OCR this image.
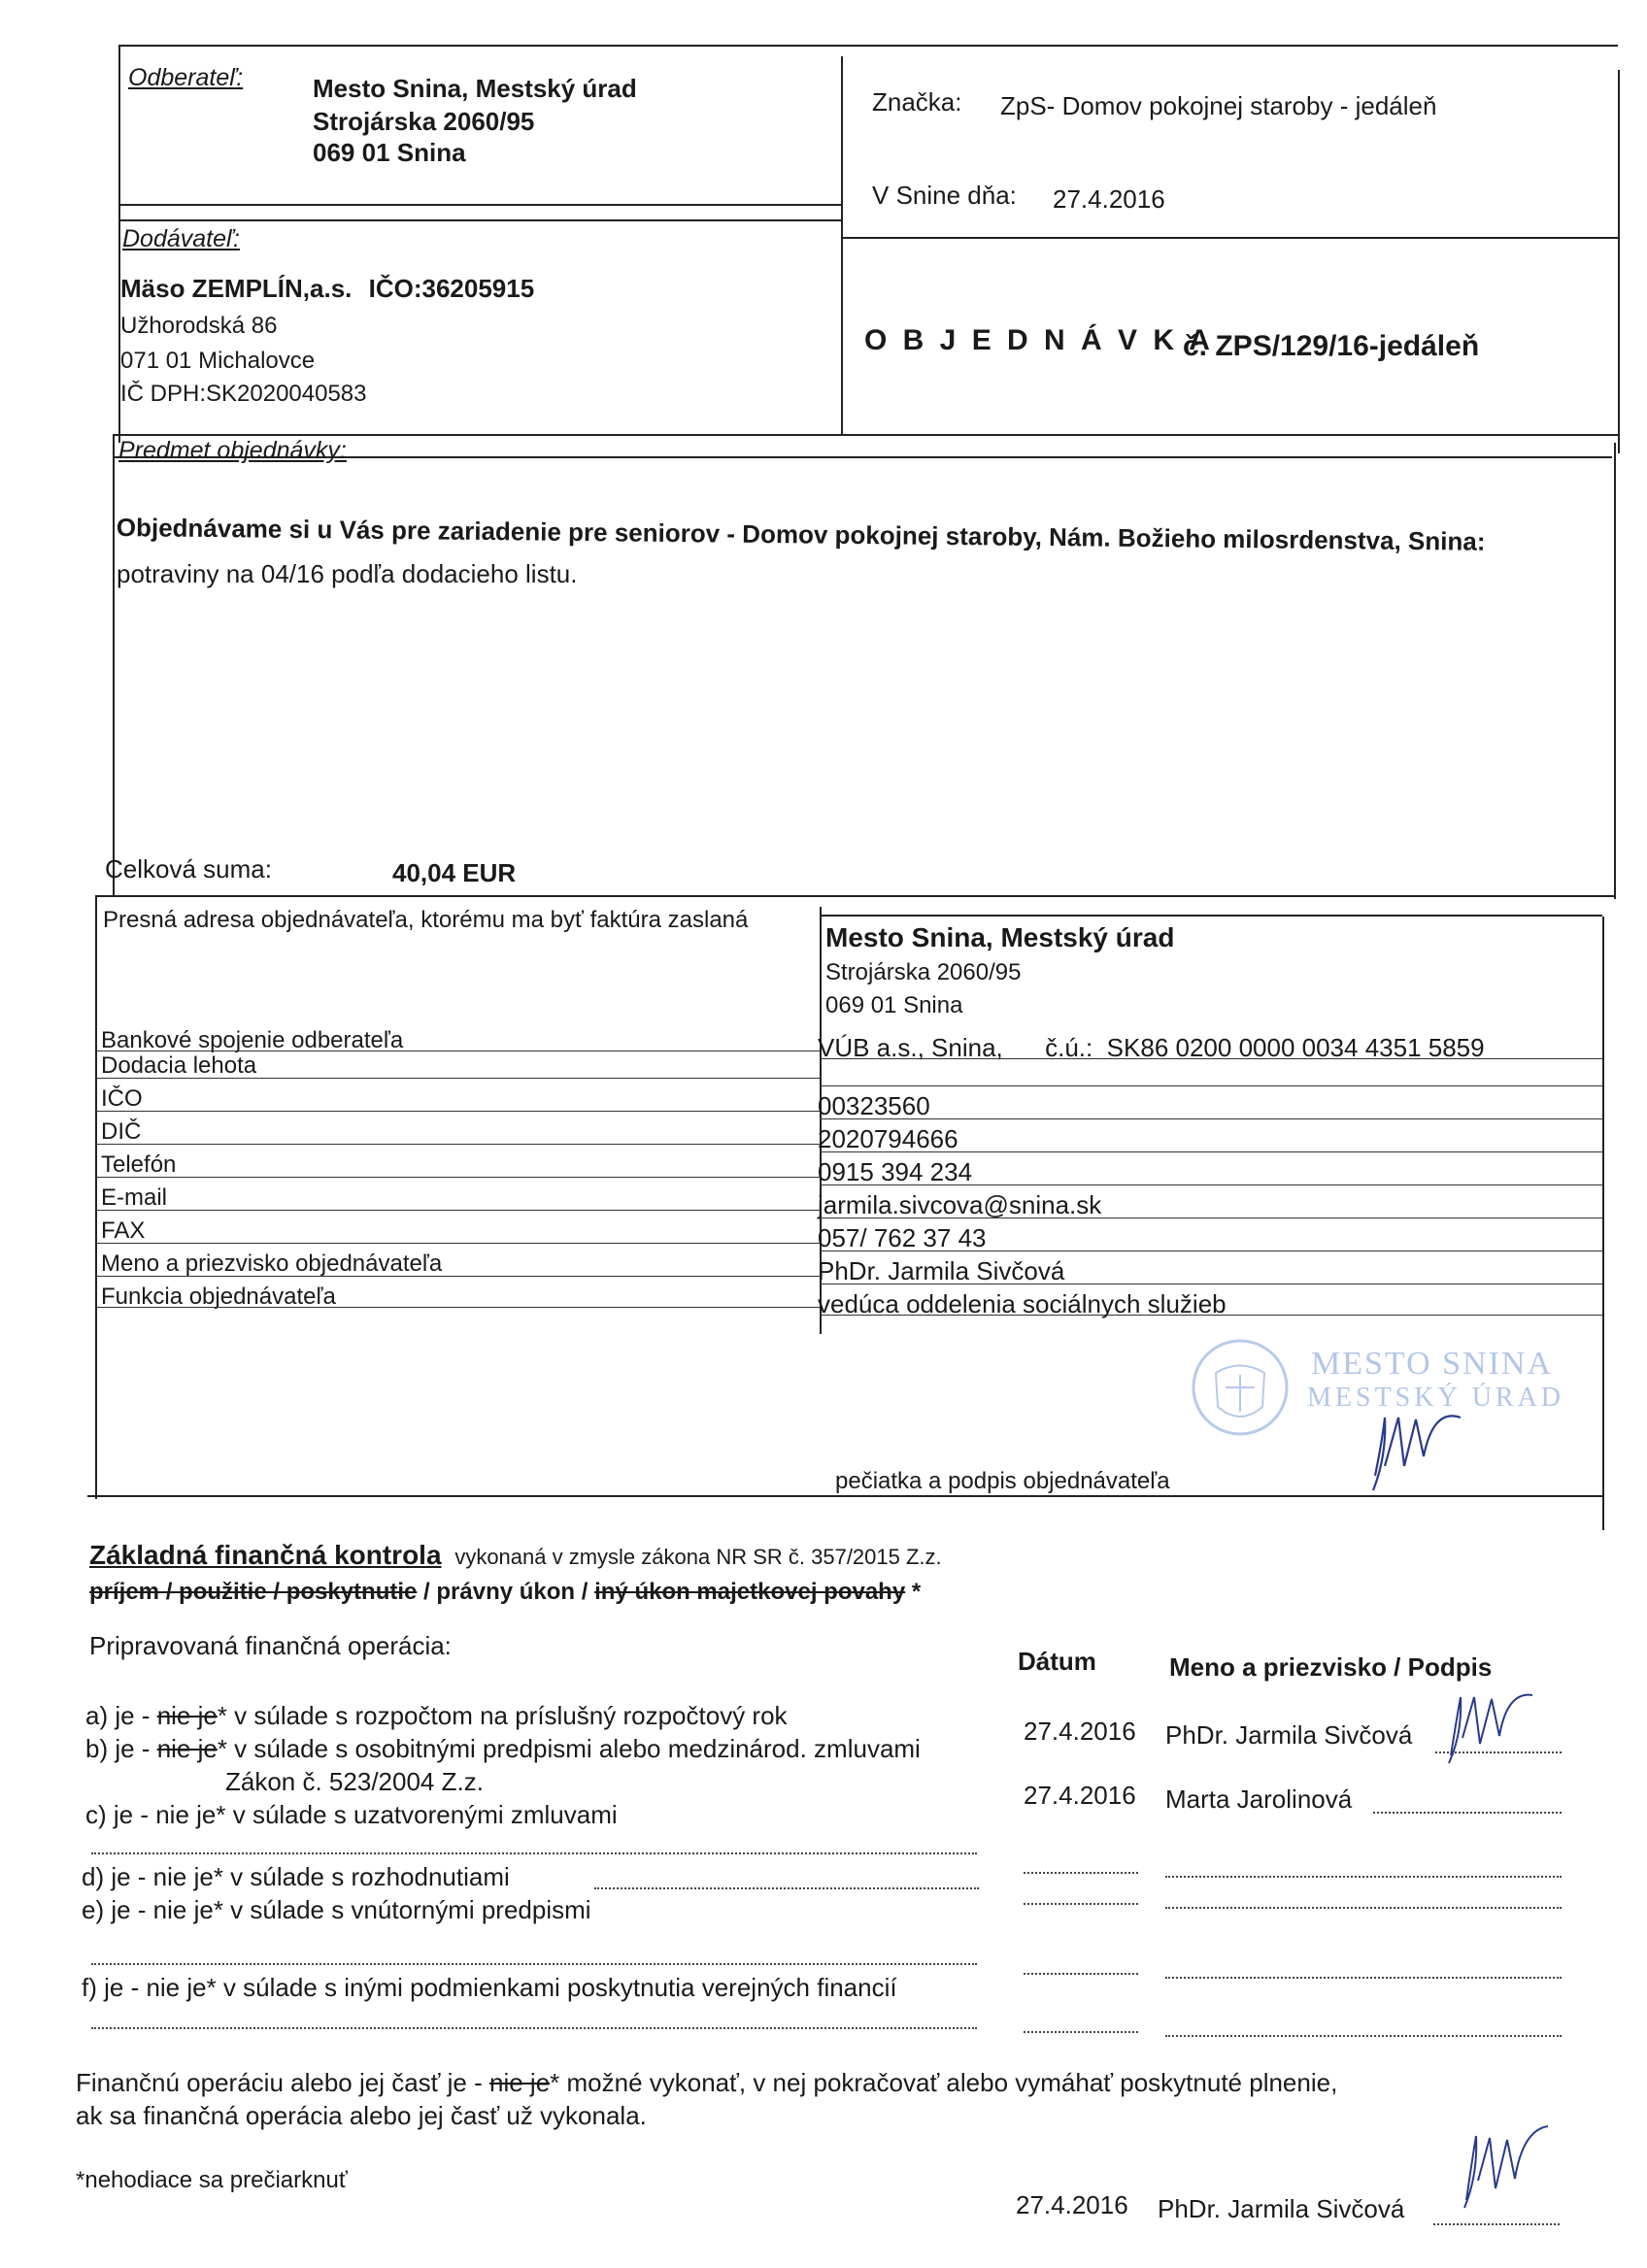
Odberateľ:	Mesto Snina, Mestský úrad
Strojárska 2060/95
069 01 Snina
Značka: ZpS- Domov pokojnej staroby - jedáleň
V Snine dňa: 27.4.2016
Dodávateľ:
Mäso ZEMPLÍN,a.s. IČO:36205915
Užhorodská 86
071 01 Michalovce
IČ DPH:SK2020040583
O B J E D N Á V K A
č. ZPS/129/16-jedáleň
Predmet objednávky:
Objednávame si u Vás pre zariadenie pre seniorov - Domov pokojnej staroby, Nám. Božieho milosrdenstva, Snina:
potraviny na 04/16 podľa dodacieho listu.
Celková suma:	40,04 EUR
Presná adresa objednávateľa, ktorému ma byť faktúra zaslaná
Mesto Snina, Mestský úrad
Strojárska 2060/95
069 01 Snina
Bankové spojenie odberateľa	VÚB a.s., Snina,      č.ú.:  SK86 0200 0000 0034 4351 5859
Dodacia lehota
IČO	00323560
DIČ	2020794666
Telefón	0915 394 234
E-mail	jarmila.sivcova@snina.sk
FAX	057/ 762 37 43
Meno a priezvisko objednávateľa	PhDr. Jarmila Sivčová
Funkcia objednávateľa	vedúca oddelenia sociálnych služieb
MESTO SNINA
MESTSKÝ ÚRAD
pečiatka a podpis objednávateľa
Základná finančná kontrola vykonaná v zmysle zákona NR SR č. 357/2015 Z.z.
príjem / použitie / poskytnutie / právny úkon / iný úkon majetkovej povahy *
Pripravovaná finančná operácia:
Dátum	Meno a priezvisko / Podpis
a) je - nie je* v súlade s rozpočtom na príslušný rozpočtový rok
b) je - nie je* v súlade s osobitnými predpismi alebo medzinárod. zmluvami
Zákon č. 523/2004 Z.z.
c) je - nie je* v súlade s uzatvorenými zmluvami
d) je - nie je* v súlade s rozhodnutiami
e) je - nie je* v súlade s vnútornými predpismi
f) je - nie je* v súlade s inými podmienkami poskytnutia verejných financií
27.4.2016 PhDr. Jarmila Sivčová
27.4.2016 Marta Jarolinová
Finančnú operáciu alebo jej časť je - nie je* možné vykonať, v nej pokračovať alebo vymáhať poskytnuté plnenie,
ak sa finančná operácia alebo jej časť už vykonala.
*nehodiace sa prečiarknuť
27.4.2016 PhDr. Jarmila Sivčová
